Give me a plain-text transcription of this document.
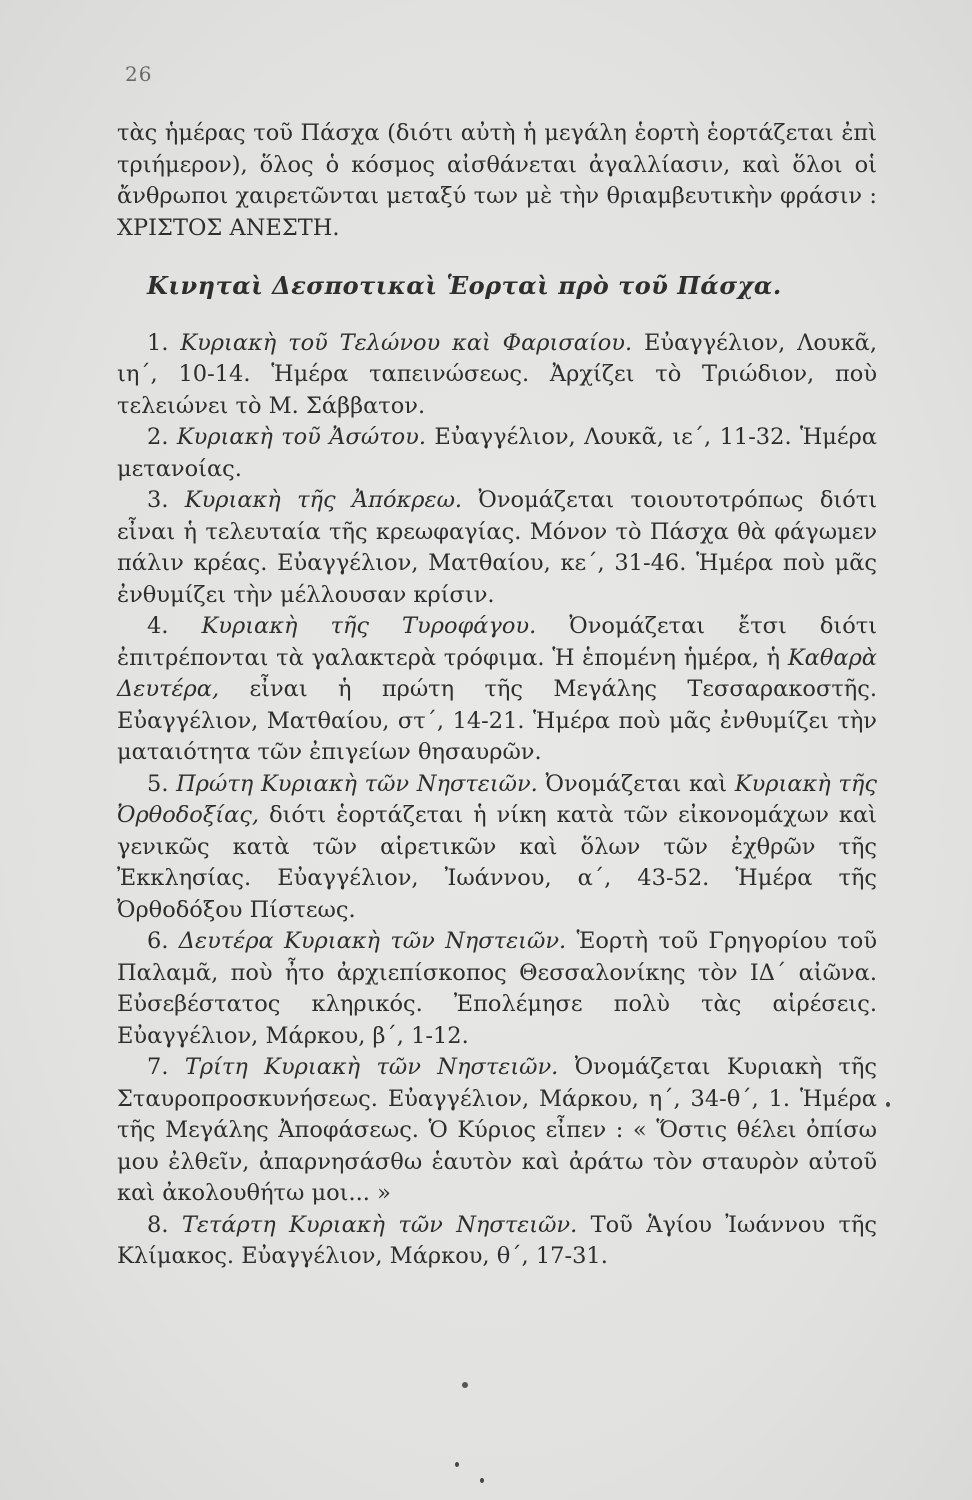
26

τὰς ἡμέρας τοῦ Πάσχα (διότι αὐτὴ ἡ μεγάλη ἑορτὴ ἑορτάζεται ἐπὶ τριήμερον), ὅλος ὁ κόσμος αἰσθάνεται ἀγαλλίασιν, καὶ ὅλοι οἱ ἄνθρωποι χαιρετῶνται μεταξύ των μὲ τὴν θριαμβευτικὴν φράσιν : ΧΡΙΣΤΟΣ ΑΝΕΣΤΗ.

Κινηταὶ Δεσποτικαὶ Ἑορταὶ πρὸ τοῦ Πάσχα.

1. Κυριακὴ τοῦ Τελώνου καὶ Φαρισαίου. Εὐαγγέλιον, Λουκᾶ, ιη΄, 10-14. Ἡμέρα ταπεινώσεως. Ἀρχίζει τὸ Τριώδιον, ποὺ τελειώνει τὸ Μ. Σάββατον.

2. Κυριακὴ τοῦ Ἀσώτου. Εὐαγγέλιον, Λουκᾶ, ιε΄, 11-32. Ἡμέρα μετανοίας.

3. Κυριακὴ τῆς Ἀπόκρεω. Ὀνομάζεται τοιουτοτρόπως διότι εἶναι ἡ τελευταία τῆς κρεωφαγίας. Μόνον τὸ Πάσχα θὰ φάγωμεν πάλιν κρέας. Εὐαγγέλιον, Ματθαίου, κε΄, 31-46. Ἡμέρα ποὺ μᾶς ἐνθυμίζει τὴν μέλλουσαν κρίσιν.

4. Κυριακὴ τῆς Τυροφάγου. Ὀνομάζεται ἔτσι διότι ἐπιτρέπονται τὰ γαλακτερὰ τρόφιμα. Ἡ ἑπομένη ἡμέρα, ἡ Καθαρὰ Δευτέρα, εἶναι ἡ πρώτη τῆς Μεγάλης Τεσσαρακοστῆς. Εὐαγγέλιον, Ματθαίου, στ΄, 14-21. Ἡμέρα ποὺ μᾶς ἐνθυμίζει τὴν ματαιότητα τῶν ἐπιγείων θησαυρῶν.

5. Πρώτη Κυριακὴ τῶν Νηστειῶν. Ὀνομάζεται καὶ Κυριακὴ τῆς Ὀρθοδοξίας, διότι ἑορτάζεται ἡ νίκη κατὰ τῶν εἰκονομάχων καὶ γενικῶς κατὰ τῶν αἱρετικῶν καὶ ὅλων τῶν ἐχθρῶν τῆς Ἐκκλησίας. Εὐαγγέλιον, Ἰωάννου, α΄, 43-52. Ἡμέρα τῆς Ὀρθοδόξου Πίστεως.

6. Δευτέρα Κυριακὴ τῶν Νηστειῶν. Ἑορτὴ τοῦ Γρηγορίου τοῦ Παλαμᾶ, ποὺ ἦτο ἀρχιεπίσκοπος Θεσσαλονίκης τὸν ΙΔ΄ αἰῶνα. Εὐσεβέστατος κληρικός. Ἐπολέμησε πολὺ τὰς αἱρέσεις. Εὐαγγέλιον, Μάρκου, β΄, 1-12.

7. Τρίτη Κυριακὴ τῶν Νηστειῶν. Ὀνομάζεται Κυριακὴ τῆς Σταυροπροσκυνήσεως. Εὐαγγέλιον, Μάρκου, η΄, 34-θ΄, 1. Ἡμέρα τῆς Μεγάλης Ἀποφάσεως. Ὁ Κύριος εἶπεν : « Ὅστις θέλει ὀπίσω μου ἐλθεῖν, ἀπαρνησάσθω ἑαυτὸν καὶ ἀράτω τὸν σταυρὸν αὐτοῦ καὶ ἀκολουθήτω μοι... »

8. Τετάρτη Κυριακὴ τῶν Νηστειῶν. Τοῦ Ἁγίου Ἰωάννου τῆς Κλίμακος. Εὐαγγέλιον, Μάρκου, θ΄, 17-31.
